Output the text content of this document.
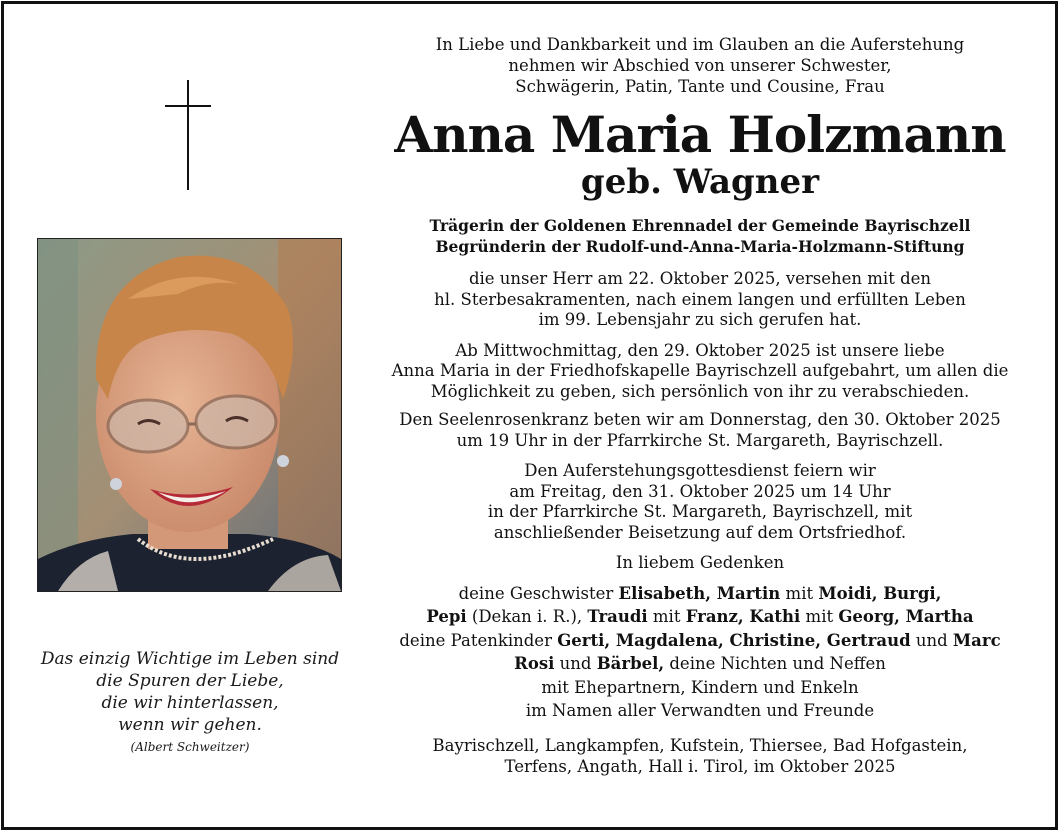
Das einzig Wichtige im Leben sind
die Spuren der Liebe,
die wir hinterlassen,
wenn wir gehen.
(Albert Schweitzer)
In Liebe und Dankbarkeit und im Glauben an die Auferstehung
nehmen wir Abschied von unserer Schwester,
Schwägerin, Patin, Tante und Cousine, Frau
Anna Maria Holzmann
geb. Wagner
Trägerin der Goldenen Ehrennadel der Gemeinde Bayrischzell
Begründerin der Rudolf-und-Anna-Maria-Holzmann-Stiftung
die unser Herr am 22. Oktober 2025, versehen mit den
hl. Sterbesakramenten, nach einem langen und erfüllten Leben
im 99. Lebensjahr zu sich gerufen hat.
Ab Mittwochmittag, den 29. Oktober 2025 ist unsere liebe
Anna Maria in der Friedhofskapelle Bayrischzell aufgebahrt, um allen die
Möglichkeit zu geben, sich persönlich von ihr zu verabschieden.
Den Seelenrosenkranz beten wir am Donnerstag, den 30. Oktober 2025
um 19 Uhr in der Pfarrkirche St. Margareth, Bayrischzell.
Den Auferstehungsgottesdienst feiern wir
am Freitag, den 31. Oktober 2025 um 14 Uhr
in der Pfarrkirche St. Margareth, Bayrischzell, mit
anschließender Beisetzung auf dem Ortsfriedhof.
In liebem Gedenken
deine Geschwister Elisabeth, Martin mit Moidi, Burgi,
Pepi (Dekan i. R.), Traudi mit Franz, Kathi mit Georg, Martha
deine Patenkinder Gerti, Magdalena, Christine, Gertraud und Marc
Rosi und Bärbel, deine Nichten und Neffen
mit Ehepartnern, Kindern und Enkeln
im Namen aller Verwandten und Freunde
Bayrischzell, Langkampfen, Kufstein, Thiersee, Bad Hofgastein,
Terfens, Angath, Hall i. Tirol, im Oktober 2025
